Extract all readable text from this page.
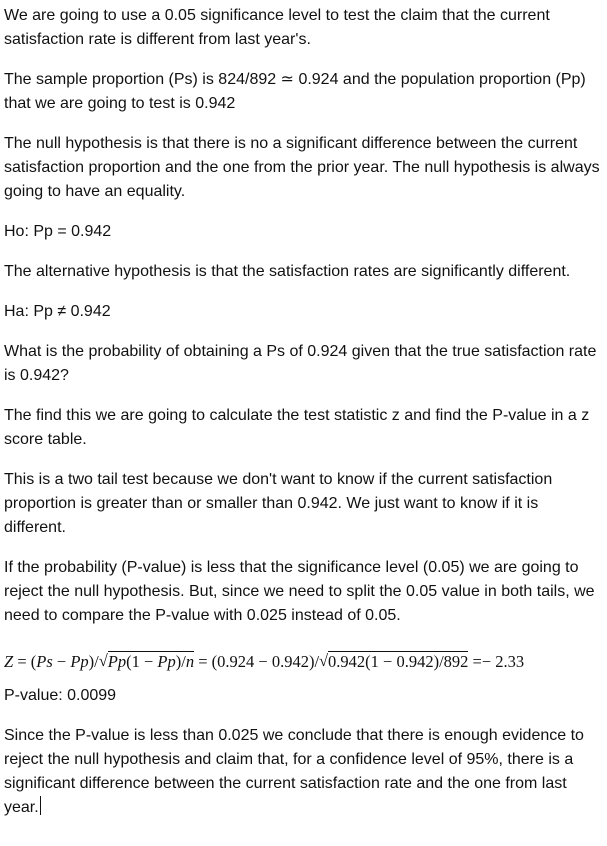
We are going to use a 0.05 significance level to test the claim that the current satisfaction rate is different from last year's.

The sample proportion (Ps) is 824/892 ≃ 0.924 and the population proportion (Pp) that we are going to test is 0.942

The null hypothesis is that there is no a significant difference between the current satisfaction proportion and the one from the prior year. The null hypothesis is always going to have an equality.

Ho: Pp = 0.942

The alternative hypothesis is that the satisfaction rates are significantly different.

Ha: Pp ≠ 0.942

What is the probability of obtaining a Ps of 0.924 given that the true satisfaction rate is 0.942?

The find this we are going to calculate the test statistic z and find the P-value in a z score table.

This is a two tail test because we don't want to know if the current satisfaction proportion is greater than or smaller than 0.942. We just want to know if it is different.

If the probability (P-value) is less that the significance level (0.05) we are going to reject the null hypothesis. But, since we need to split the 0.05 value in both tails, we need to compare the P-value with 0.025 instead of 0.05.

Z = (Ps − Pp)/ √ Pp(1 − Pp)/n = (0.924 − 0.942)/ √ 0.942(1 − 0.942)/892 =− 2.33

P-value: 0.0099

Since the P-value is less than 0.025 we conclude that there is enough evidence to reject the null hypothesis and claim that, for a confidence level of 95%, there is a significant difference between the current satisfaction rate and the one from last year.
